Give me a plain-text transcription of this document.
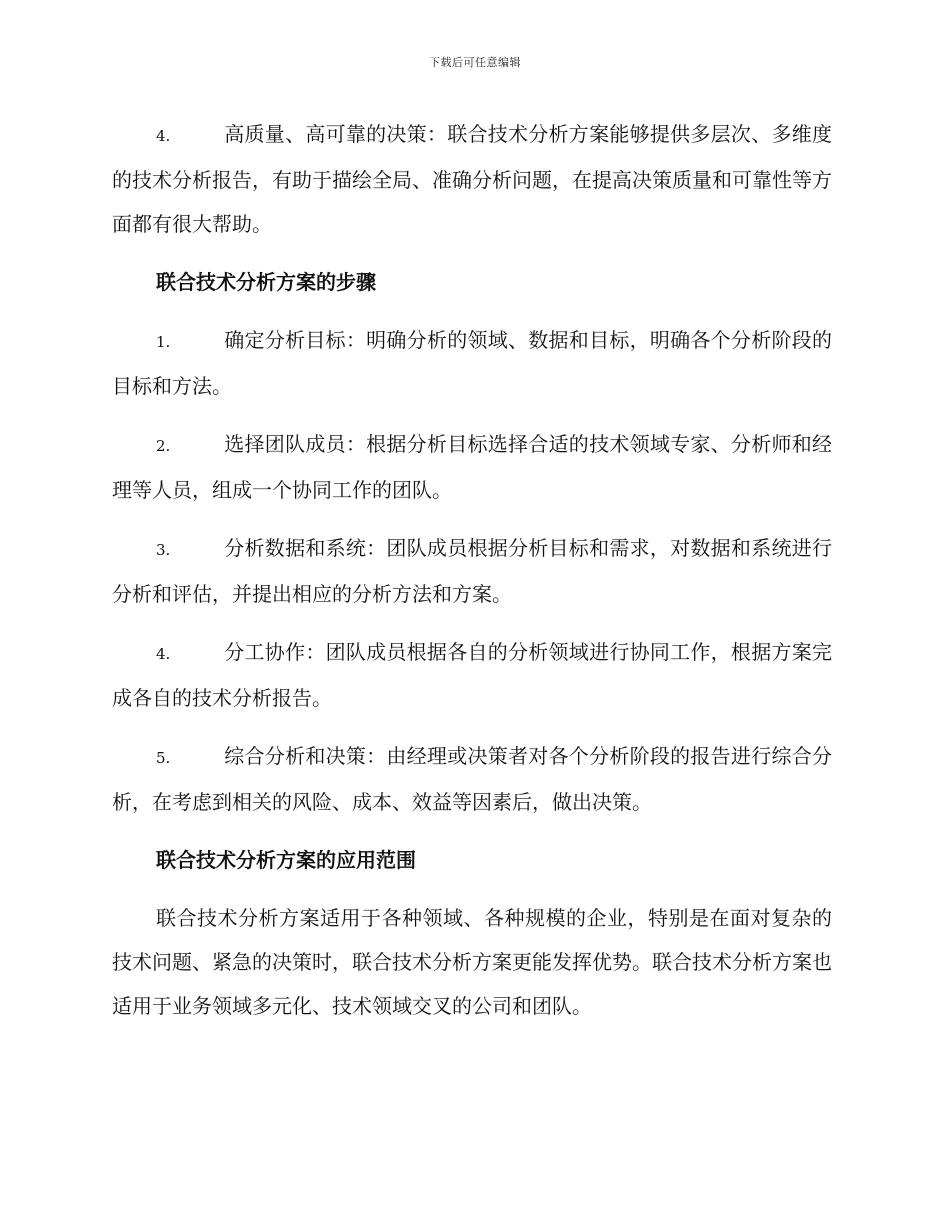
下载后可任意编辑

4.	高质量、高可靠的决策：联合技术分析方案能够提供多层次、多维度的技术分析报告，有助于描绘全局、准确分析问题，在提高决策质量和可靠性等方面都有很大帮助。

联合技术分析方案的步骤

1.	确定分析目标：明确分析的领域、数据和目标，明确各个分析阶段的目标和方法。

2.	选择团队成员：根据分析目标选择合适的技术领域专家、分析师和经理等人员，组成一个协同工作的团队。

3.	分析数据和系统：团队成员根据分析目标和需求，对数据和系统进行分析和评估，并提出相应的分析方法和方案。

4.	分工协作：团队成员根据各自的分析领域进行协同工作，根据方案完成各自的技术分析报告。

5.	综合分析和决策：由经理或决策者对各个分析阶段的报告进行综合分析，在考虑到相关的风险、成本、效益等因素后，做出决策。

联合技术分析方案的应用范围

联合技术分析方案适用于各种领域、各种规模的企业，特别是在面对复杂的技术问题、紧急的决策时，联合技术分析方案更能发挥优势。联合技术分析方案也适用于业务领域多元化、技术领域交叉的公司和团队。
